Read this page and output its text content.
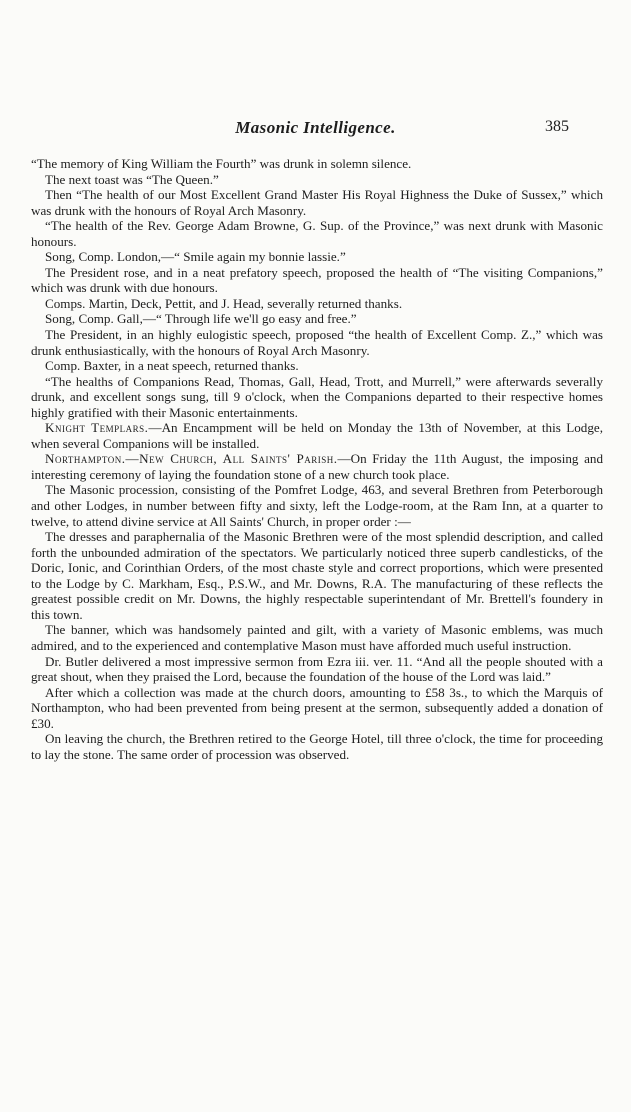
Masonic Intelligence.	385

“The memory of King William the Fourth” was drunk in solemn silence.

The next toast was “The Queen.”

Then “The health of our Most Excellent Grand Master His Royal Highness the Duke of Sussex,” which was drunk with the honours of Royal Arch Masonry.

“The health of the Rev. George Adam Browne, G. Sup. of the Province,” was next drunk with Masonic honours.

Song, Comp. London,—“ Smile again my bonnie lassie.”

The President rose, and in a neat prefatory speech, proposed the health of “The visiting Companions,” which was drunk with due honours.

Comps. Martin, Deck, Pettit, and J. Head, severally returned thanks.

Song, Comp. Gall,—“ Through life we'll go easy and free.”

The President, in an highly eulogistic speech, proposed “the health of Excellent Comp. Z.,” which was drunk enthusiastically, with the honours of Royal Arch Masonry.

Comp. Baxter, in a neat speech, returned thanks.

“The healths of Companions Read, Thomas, Gall, Head, Trott, and Murrell,” were afterwards severally drunk, and excellent songs sung, till 9 o'clock, when the Companions departed to their respective homes highly gratified with their Masonic entertainments.

Knight Templars.—An Encampment will be held on Monday the 13th of November, at this Lodge, when several Companions will be installed.

Northampton.—New Church, All Saints' Parish.—On Friday the 11th August, the imposing and interesting ceremony of laying the foundation stone of a new church took place.

The Masonic procession, consisting of the Pomfret Lodge, 463, and several Brethren from Peterborough and other Lodges, in number between fifty and sixty, left the Lodge-room, at the Ram Inn, at a quarter to twelve, to attend divine service at All Saints' Church, in proper order :—

The dresses and paraphernalia of the Masonic Brethren were of the most splendid description, and called forth the unbounded admiration of the spectators. We particularly noticed three superb candlesticks, of the Doric, Ionic, and Corinthian Orders, of the most chaste style and correct proportions, which were presented to the Lodge by C. Markham, Esq., P.S.W., and Mr. Downs, R.A. The manufacturing of these reflects the greatest possible credit on Mr. Downs, the highly respectable superintendant of Mr. Brettell's foundery in this town.

The banner, which was handsomely painted and gilt, with a variety of Masonic emblems, was much admired, and to the experienced and contemplative Mason must have afforded much useful instruction.

Dr. Butler delivered a most impressive sermon from Ezra iii. ver. 11. “And all the people shouted with a great shout, when they praised the Lord, because the foundation of the house of the Lord was laid.”

After which a collection was made at the church doors, amounting to £58 3s., to which the Marquis of Northampton, who had been prevented from being present at the sermon, subsequently added a donation of £30.

On leaving the church, the Brethren retired to the George Hotel, till three o'clock, the time for proceeding to lay the stone. The same order of procession was observed.
